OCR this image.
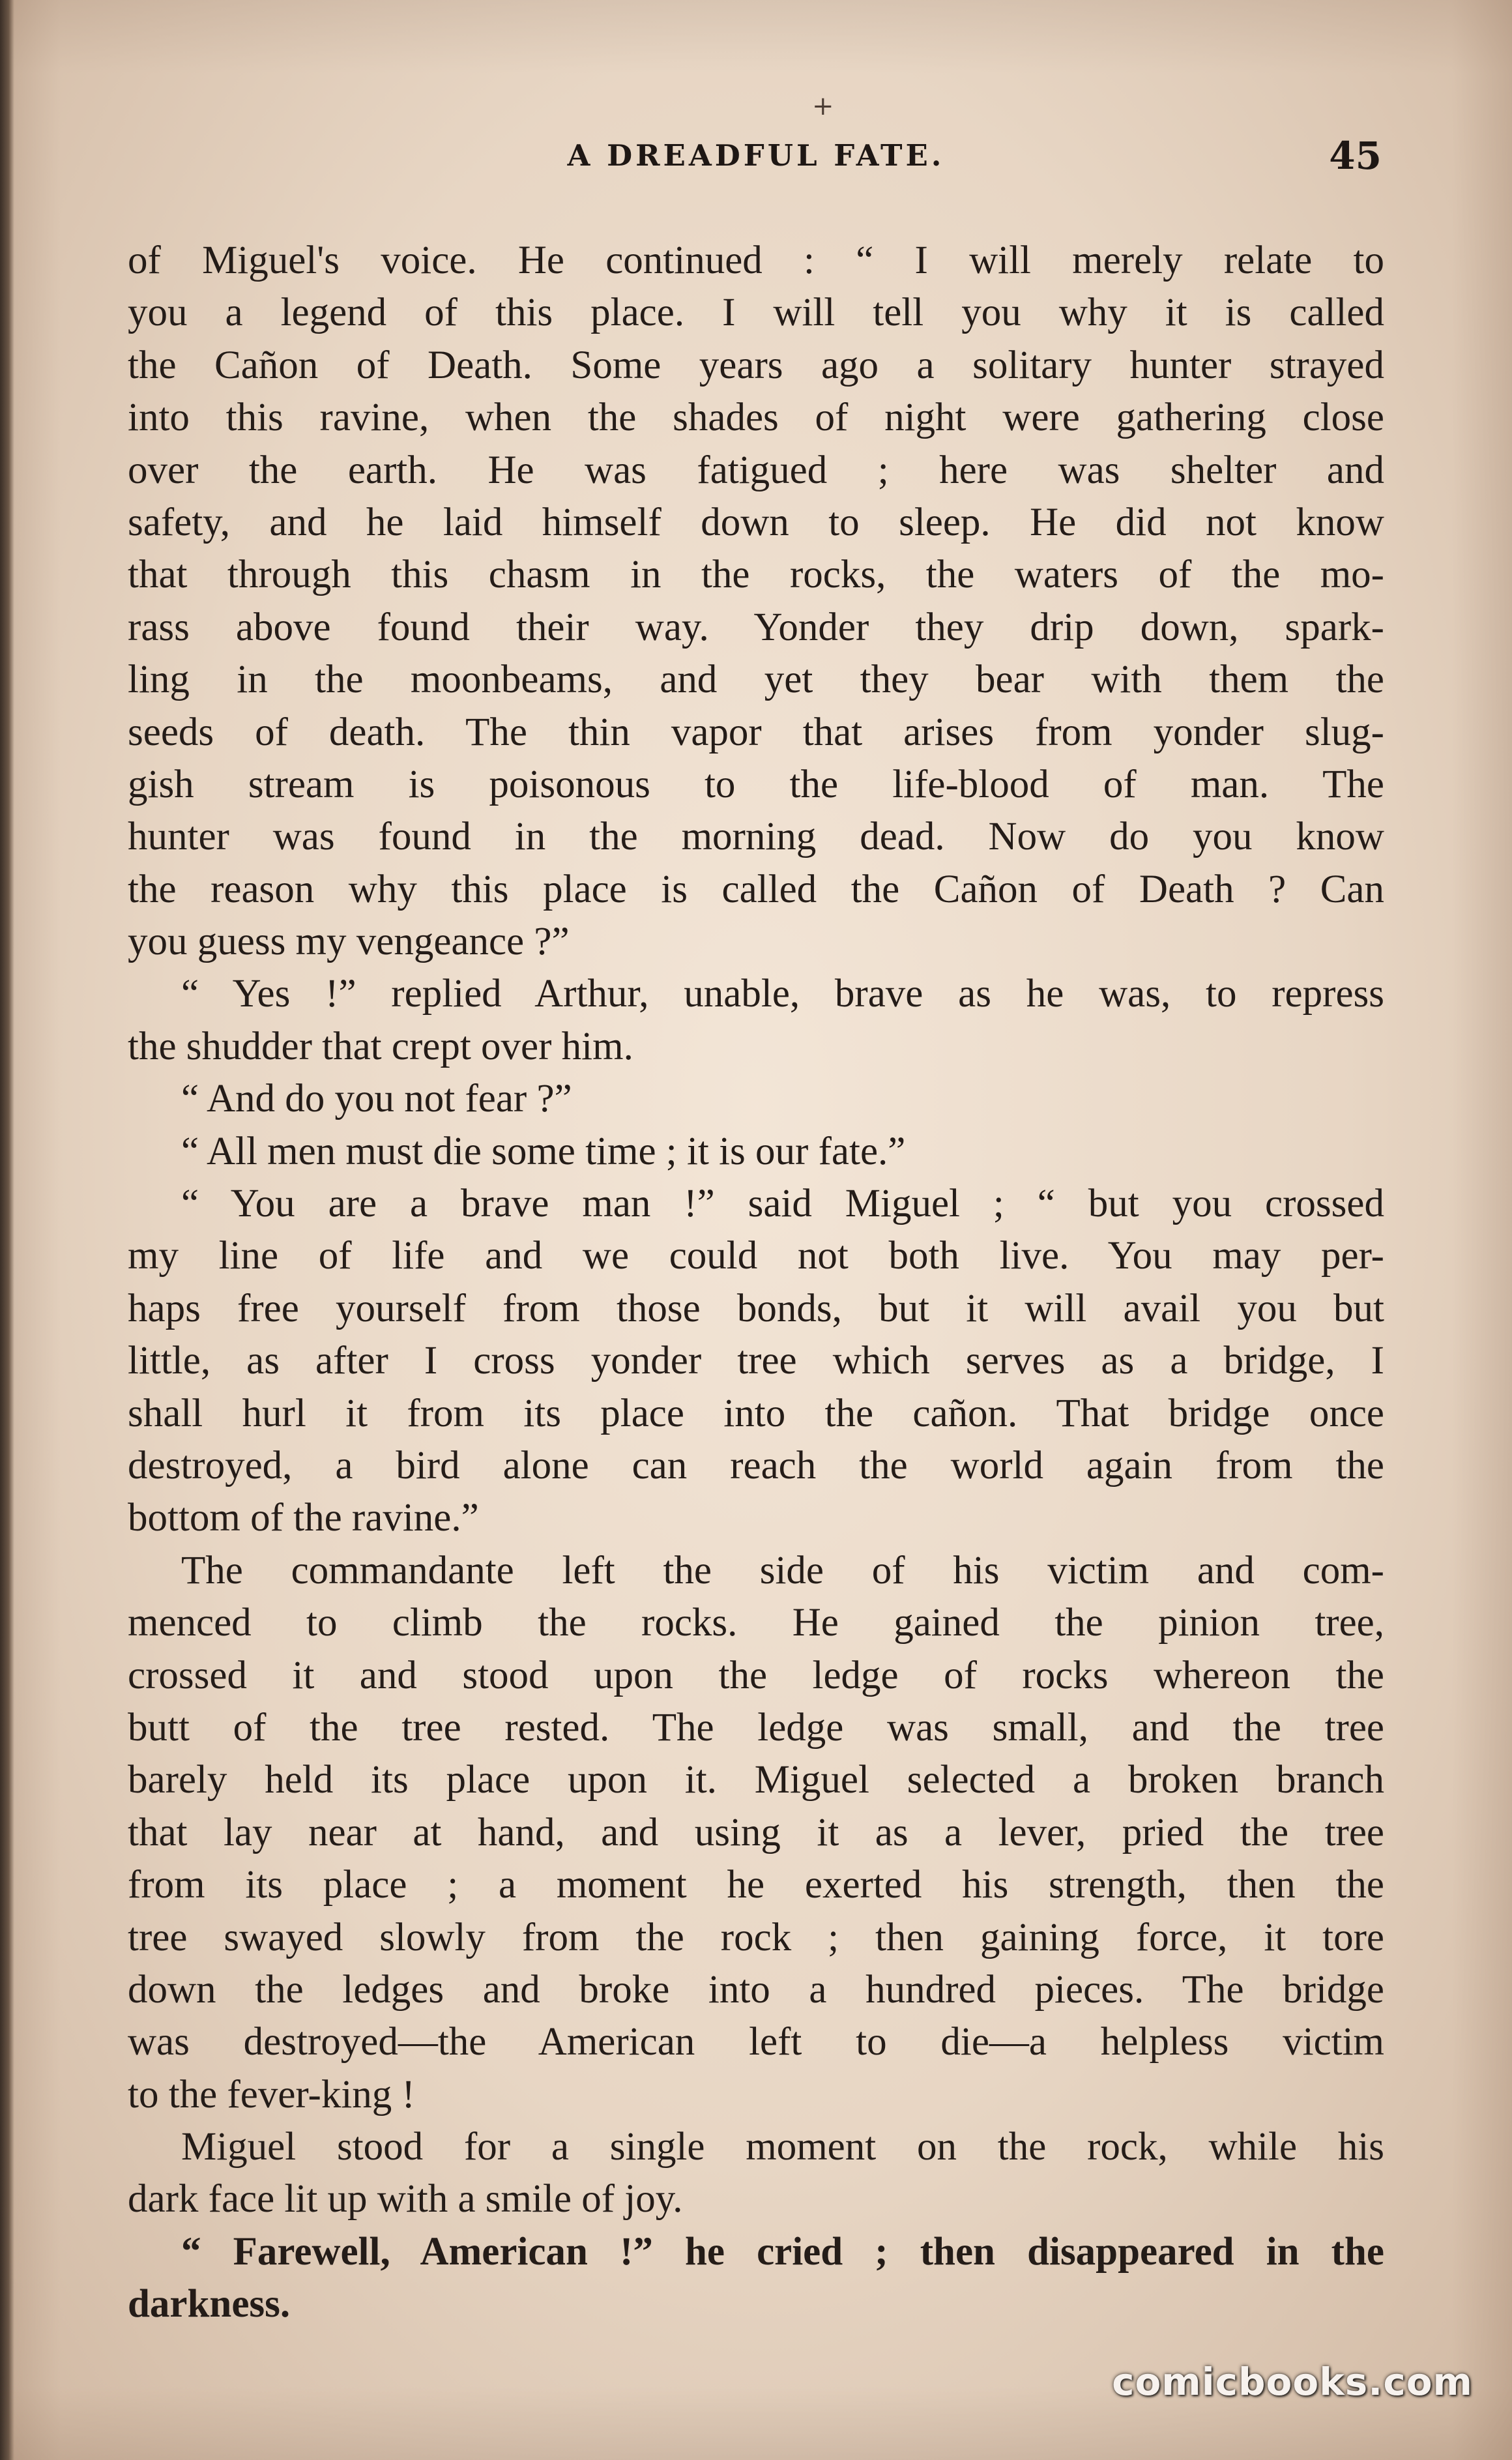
+
A DREADFUL FATE.	45
of Miguel's voice. He continued : “ I will merely relate to
you a legend of this place. I will tell you why it is called
the Cañon of Death. Some years ago a solitary hunter strayed
into this ravine, when the shades of night were gathering close
over the earth. He was fatigued ; here was shelter and
safety, and he laid himself down to sleep. He did not know
that through this chasm in the rocks, the waters of the mo-
rass above found their way. Yonder they drip down, spark-
ling in the moonbeams, and yet they bear with them the
seeds of death. The thin vapor that arises from yonder slug-
gish stream is poisonous to the life-blood of man. The
hunter was found in the morning dead. Now do you know
the reason why this place is called the Cañon of Death ? Can
you guess my vengeance ?”
“ Yes !” replied Arthur, unable, brave as he was, to repress
the shudder that crept over him.
“ And do you not fear ?”
“ All men must die some time ; it is our fate.”
“ You are a brave man !” said Miguel ; “ but you crossed
my line of life and we could not both live. You may per-
haps free yourself from those bonds, but it will avail you but
little, as after I cross yonder tree which serves as a bridge, I
shall hurl it from its place into the cañon. That bridge once
destroyed, a bird alone can reach the world again from the
bottom of the ravine.”
The commandante left the side of his victim and com-
menced to climb the rocks. He gained the pinion tree,
crossed it and stood upon the ledge of rocks whereon the
butt of the tree rested. The ledge was small, and the tree
barely held its place upon it. Miguel selected a broken branch
that lay near at hand, and using it as a lever, pried the tree
from its place ; a moment he exerted his strength, then the
tree swayed slowly from the rock ; then gaining force, it tore
down the ledges and broke into a hundred pieces. The bridge
was destroyed—the American left to die—a helpless victim
to the fever-king !
Miguel stood for a single moment on the rock, while his
dark face lit up with a smile of joy.
“ Farewell, American !” he cried ; then disappeared in the
darkness.
comicbooks.com
